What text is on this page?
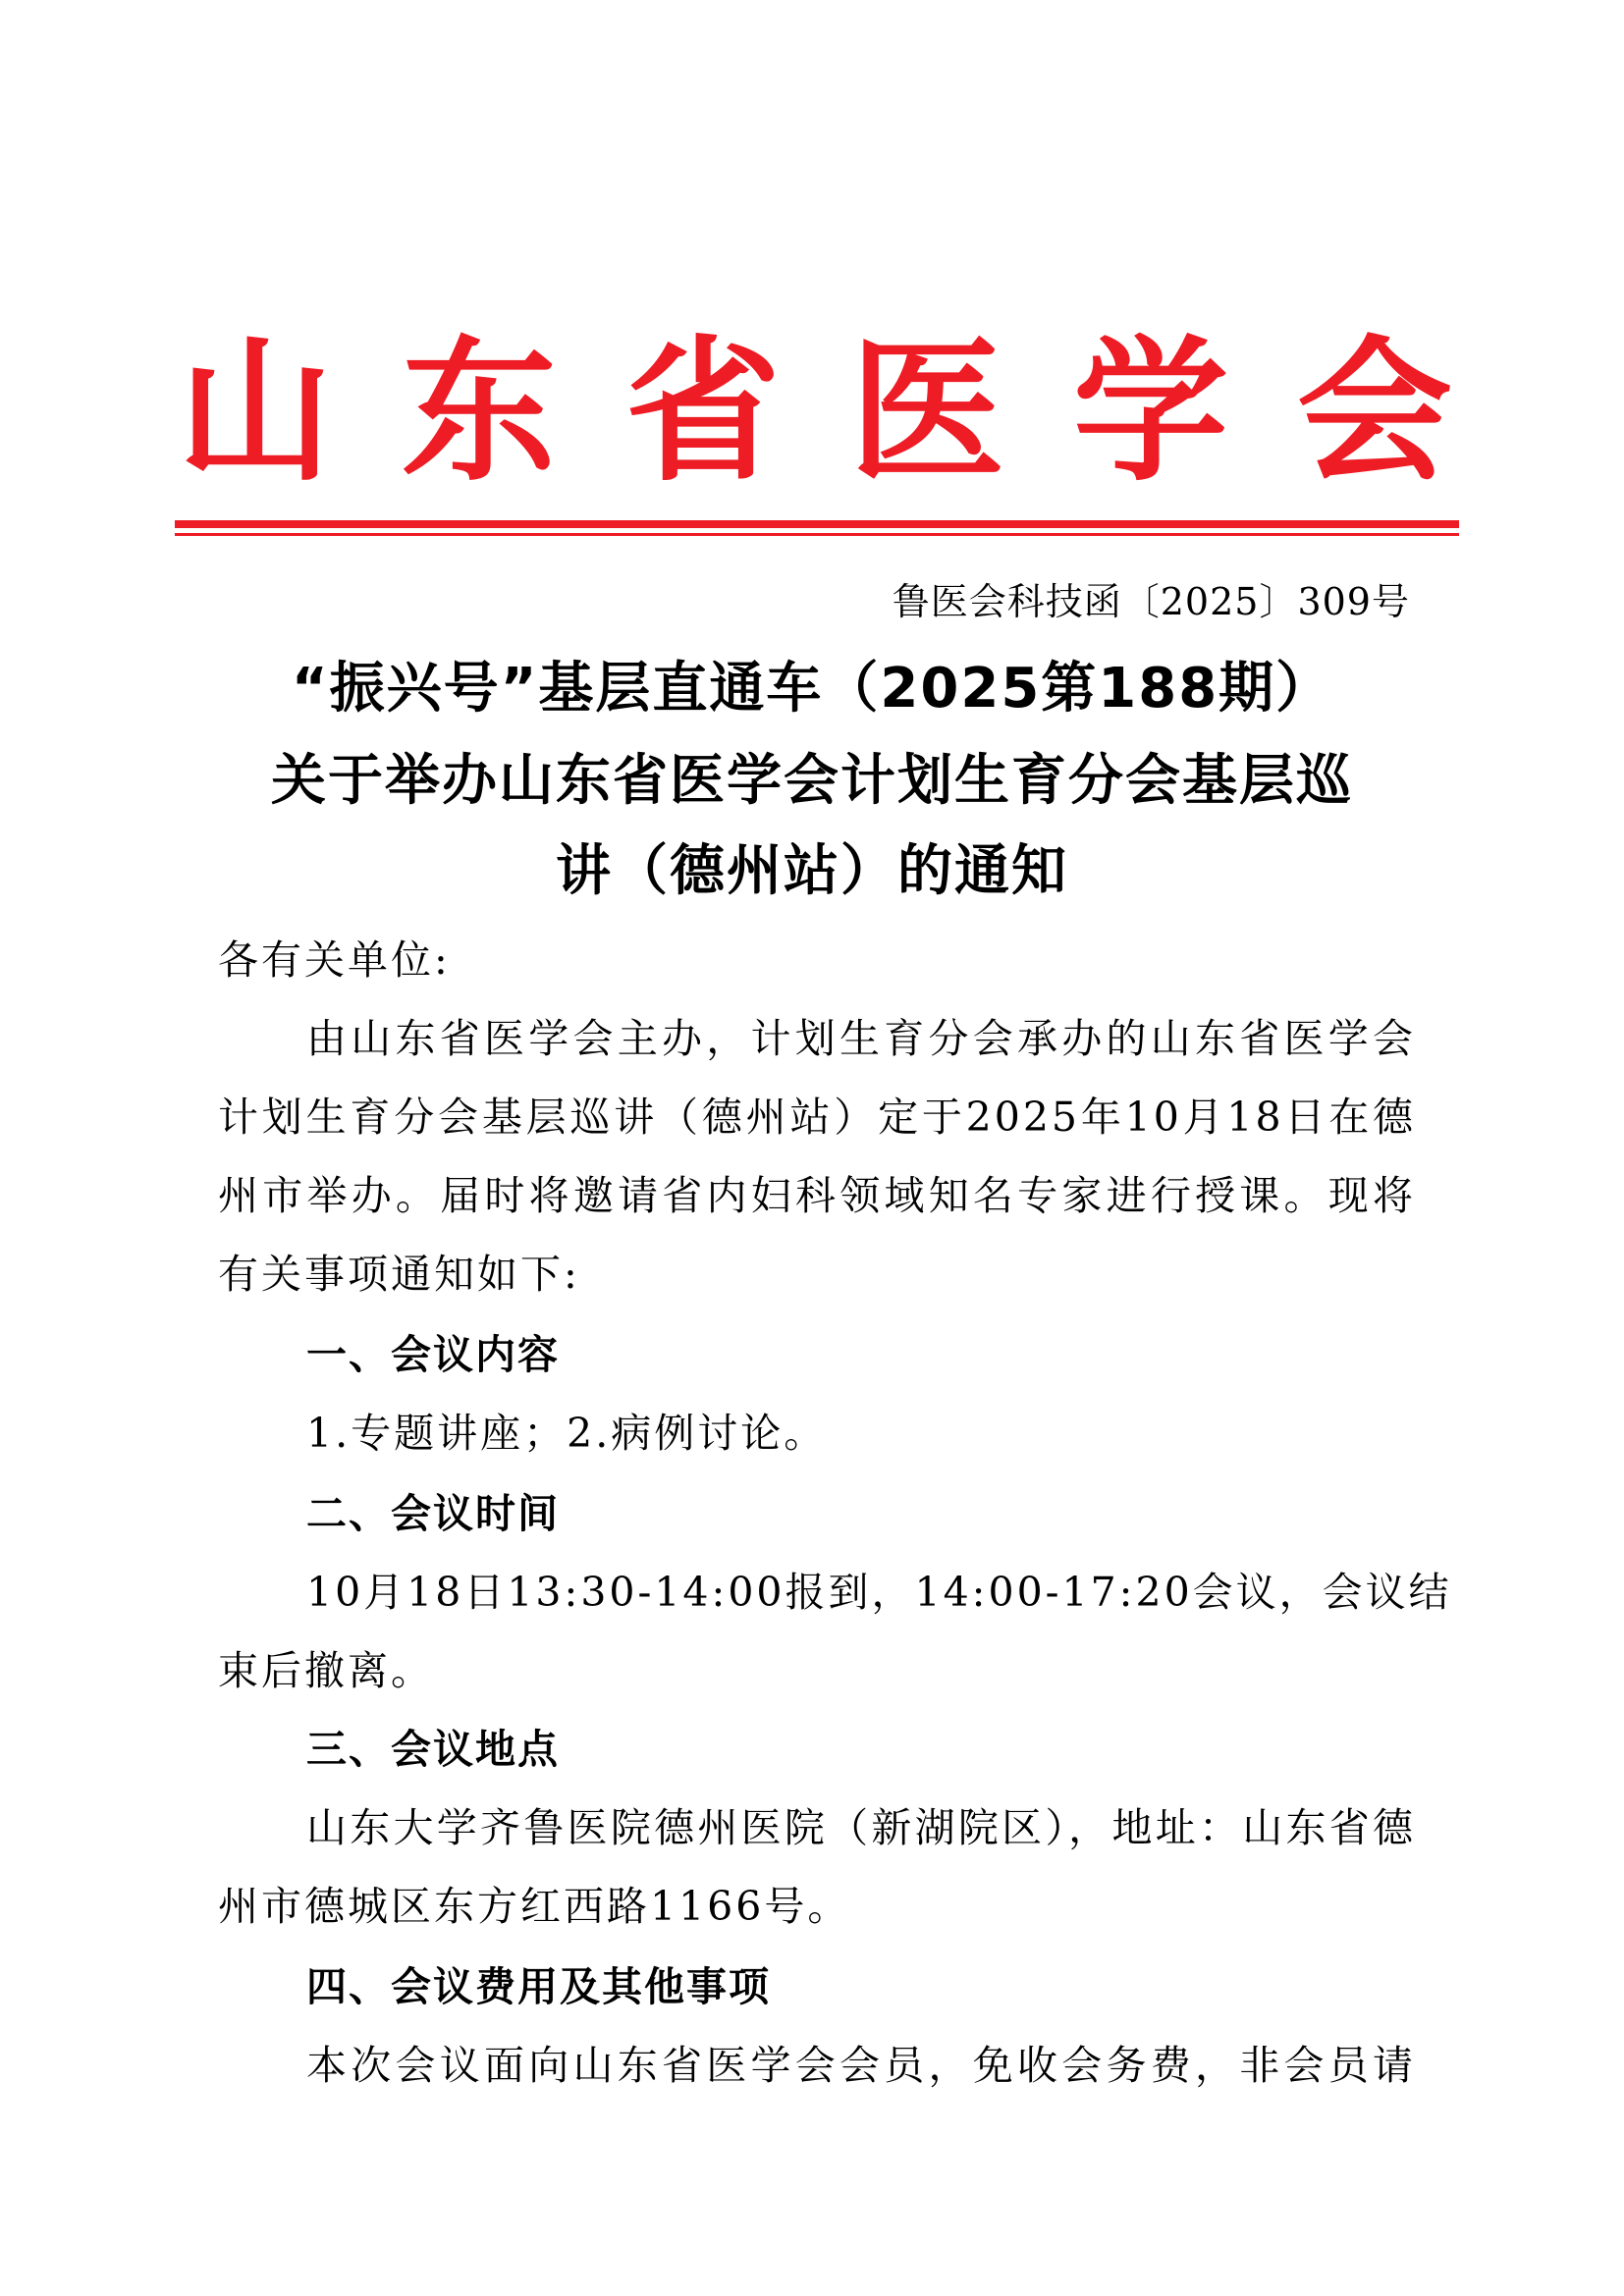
山 东 省 医 学 会
鲁医会科技函〔2025〕309号
“振兴号”基层直通车（2025第188期）
关于举办山东省医学会计划生育分会基层巡
讲（德州站）的通知
各有关单位:
由山东省医学会主办，计划生育分会承办的山东省医学会
计划生育分会基层巡讲（德州站）定于2025年10月18日在德
州市举办。届时将邀请省内妇科领域知名专家进行授课。现将
有关事项通知如下:
一、会议内容
1.专题讲座；2.病例讨论。
二、会议时间
10月18日13:30-14:00报到，14:00-17:20会议，会议结
束后撤离。
三、会议地点
山东大学齐鲁医院德州医院（新湖院区），地址：山东省德
州市德城区东方红西路1166号。
四、会议费用及其他事项
本次会议面向山东省医学会会员，免收会务费，非会员请
